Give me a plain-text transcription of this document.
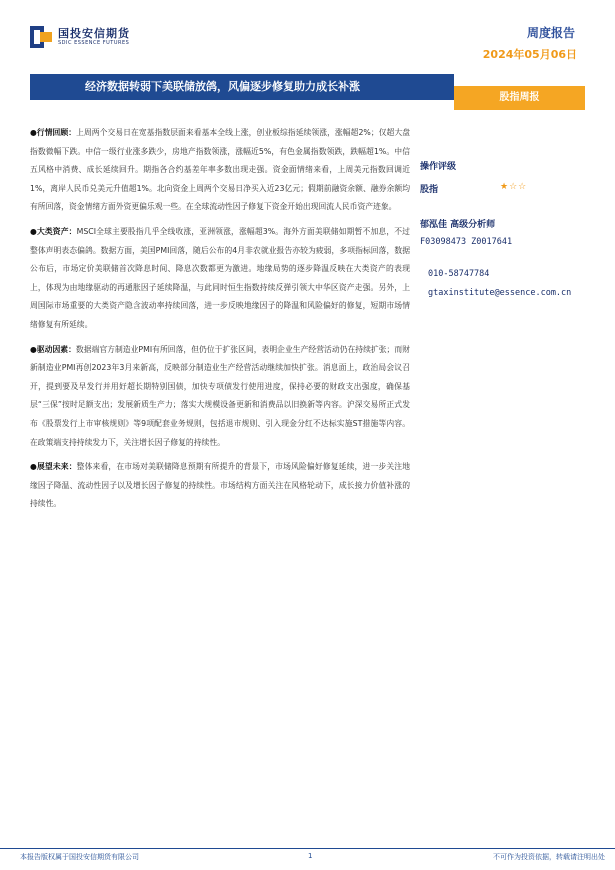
国投安信期货
SDIC ESSENCE FUTURES
周度报告
2024年05月06日
经济数据转弱下美联储放鸽，风偏逐步修复助力成长补涨
股指周报

●行情回顾：上周两个交易日在宽基指数层面来看基本全线上涨，创业板综指延续领涨，涨幅超2%；仅超大盘指数微幅下跌。中信一级行业涨多跌少，房地产指数领涨，涨幅近5%，有色金属指数领跌，跌幅超1%。中信五风格中消费、成长延续回升。期指各合约基差年率多数出现走强。资金面情绪来看，上周美元指数回调近1%，离岸人民币兑美元升值超1%。北向资金上周两个交易日净买入近23亿元；假期前融资余额、融券余额均有所回落，资金情绪方面外资更偏乐观一些。在全球流动性因子修复下资金开始出现回流人民币资产迹象。

●大类资产：MSCI全球主要股指几乎全线收涨，亚洲领涨，涨幅超3%。海外方面美联储如期暂不加息，不过整体声明表态偏鸽。数据方面，美国PMI回落，随后公布的4月非农就业报告亦较为疲弱，多项指标回落，数据公布后，市场定价美联储首次降息时间、降息次数都更为激进。地缘局势的逐步降温反映在大类资产的表现上，体现为由地缘驱动的再通胀因子延续降温，与此同时恒生指数持续反弹引领大中华区资产走强。另外，上周国际市场重要的大类资产隐含波动率持续回落，进一步反映地缘因子的降温和风险偏好的修复，短期市场情绪修复有所延续。

●驱动因素：数据端官方制造业PMI有所回落，但仍位于扩张区间，表明企业生产经营活动仍在持续扩张；而财新制造业PMI再创2023年3月来新高，反映部分制造业生产经营活动继续加快扩张。消息面上，政治局会议召开，提到要及早发行并用好超长期特别国债，加快专项债发行使用进度，保持必要的财政支出强度，确保基层“三保”按时足额支出；发展新质生产力；落实大规模设备更新和消费品以旧换新等内容。沪深交易所正式发布《股票发行上市审核规则》等9项配套业务规则，包括退市规则、引入现金分红不达标实施ST措施等内容。在政策端支持持续发力下，关注增长因子修复的持续性。

●展望未来：整体来看，在市场对美联储降息预期有所提升的背景下，市场风险偏好修复延续，进一步关注地缘因子降温、流动性因子以及增长因子修复的持续性。市场结构方面关注在风格轮动下，成长接力价值补涨的持续性。

操作评级
股指	★☆☆
郁泓佳 高级分析师
F03098473 Z0017641
010-58747784
gtaxinstitute@essence.com.cn
本报告版权属于国投安信期货有限公司	1	不可作为投资依据，转载请注明出处
